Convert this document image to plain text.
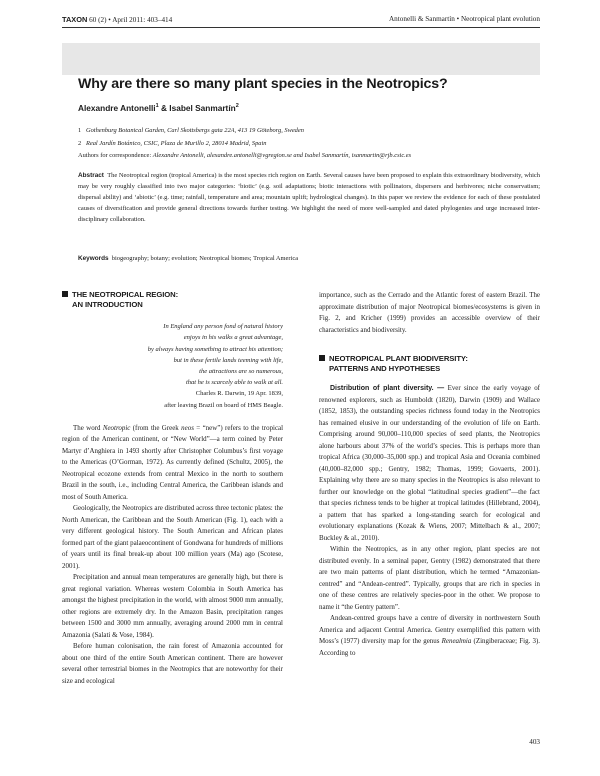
TAXON 60 (2) • April 2011: 403–414	Antonelli & Sanmartín • Neotropical plant evolution
Why are there so many plant species in the Neotropics?
Alexandre Antonelli$^1$ & Isabel Sanmartín$^2$
1 Gothenburg Botanical Garden, Carl Skottsbergs gata 22A, 413 19 Göteborg, Sweden
2 Real Jardín Botánico, CSIC, Plaza de Murillo 2, 28014 Madrid, Spain
Authors for correspondence: Alexandre Antonelli, alexandre.antonelli@vgregion.se and Isabel Sanmartín, isanmartin@rjb.csic.es
Abstract The Neotropical region (tropical America) is the most species rich region on Earth. Several causes have been proposed to explain this extraordinary biodiversity, which may be very roughly classified into two major categories: ‘biotic’ (e.g. soil adaptations; biotic interactions with pollinators, dispersers and herbivores; niche conservatism; dispersal ability) and ‘abiotic’ (e.g. time; rainfall, temperature and area; mountain uplift; hydrological changes). In this paper we review the evidence for each of these postulated causes of diversification and provide general directions towards further testing. We highlight the need of more well-sampled and dated phylogenies and urge increased inter-disciplinary collaboration.
Keywords biogeography; botany; evolution; Neotropical biomes; Tropical America
THE NEOTROPICAL REGION:
AN INTRODUCTION
In England any person fond of natural history
enjoys in his walks a great advantage,
by always having something to attract his attention;
but in these fertile lands teeming with life,
the attractions are so numerous,
that he is scarcely able to walk at all.
Charles R. Darwin, 19 Apr. 1839,
after leaving Brazil on board of HMS Beagle.

The word Neotropic (from the Greek neos = “new”) refers to the tropical region of the American continent, or “New World”—a term coined by Peter Martyr d’Anghiera in 1493 shortly after Christopher Columbus’s first voyage to the Americas (O’Gorman, 1972). As currently defined (Schultz, 2005), the Neotropical ecozone extends from central Mexico in the north to southern Brazil in the south, i.e., including Central America, the Caribbean islands and most of South America.

Geologically, the Neotropics are distributed across three tectonic plates: the North American, the Caribbean and the South American (Fig. 1), each with a very different geological history. The South American and African plates formed part of the giant palaeocontinent of Gondwana for hundreds of millions of years until its final break-up about 100 million years (Ma) ago (Scotese, 2001).

Precipitation and annual mean temperatures are generally high, but there is great regional variation. Whereas western Colombia in South America has amongst the highest precipitation in the world, with almost 9000 mm annually, other regions are extremely dry. In the Amazon Basin, precipitation ranges between 1500 and 3000 mm annually, averaging around 2000 mm in central Amazonia (Salati & Vose, 1984).

Before human colonisation, the rain forest of Amazonia accounted for about one third of the entire South American continent. There are however several other terrestrial biomes in the Neotropics that are noteworthy for their size and ecological

importance, such as the Cerrado and the Atlantic forest of eastern Brazil. The approximate distribution of major Neotropical biomes/ecosystems is given in Fig. 2, and Kricher (1999) provides an accessible overview of their characteristics and biodiversity.

NEOTROPICAL PLANT BIODIVERSITY:
PATTERNS AND HYPOTHESES

Distribution of plant diversity. — Ever since the early voyage of renowned explorers, such as Humboldt (1820), Darwin (1909) and Wallace (1852, 1853), the outstanding species richness found today in the Neotropics has remained elusive in our understanding of the evolution of life on Earth. Comprising around 90,000–110,000 species of seed plants, the Neotropics alone harbours about 37% of the world’s species. This is perhaps more than tropical Africa (30,000–35,000 spp.) and tropical Asia and Oceania combined (40,000–82,000 spp.; Gentry, 1982; Thomas, 1999; Govaerts, 2001). Explaining why there are so many species in the Neotropics is also relevant to further our knowledge on the global “latitudinal species gradient”—the fact that species richness tends to be higher at tropical latitudes (Hillebrand, 2004), a pattern that has sparked a long-standing search for ecological and evolutionary explanations (Kozak & Wiens, 2007; Mittelbach & al., 2007; Buckley & al., 2010).

Within the Neotropics, as in any other region, plant species are not distributed evenly. In a seminal paper, Gentry (1982) demonstrated that there are two main patterns of plant distribution, which he termed “Amazonian-centred” and “Andean-centred”. Typically, groups that are rich in species in one of these centres are relatively species-poor in the other. We propose to name it “the Gentry pattern”.

Andean-centred groups have a centre of diversity in northwestern South America and adjacent Central America. Gentry exemplified this pattern with Moss’s (1977) diversity map for the genus Renealmia (Zingiberaceae; Fig. 3). According to

403
